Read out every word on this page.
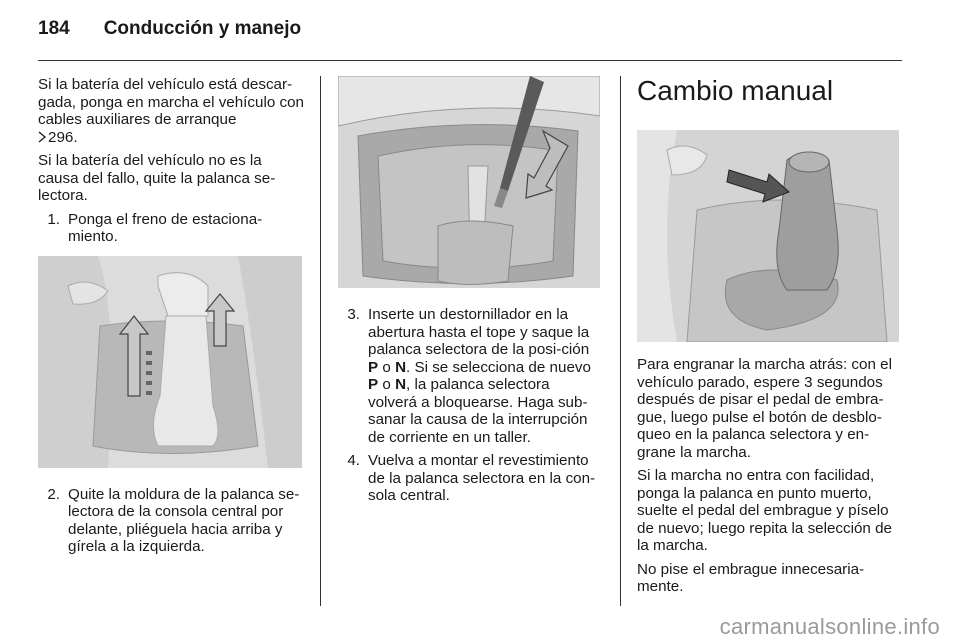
184 Conducción y manejo

Si la batería del vehículo está descar-gada, ponga en marcha el vehículo con cables auxiliares de arranque
296.

Si la batería del vehículo no es la causa del fallo, quite la palanca se-lectora.

1. Ponga el freno de estaciona-miento.
2. Quite la moldura de la palanca se-lectora de la consola central por delante, pliéguela hacia arriba y gírela a la izquierda.
3. Inserte un destornillador en la abertura hasta el tope y saque la palanca selectora de la posi-ción P o N. Si se selecciona de nuevo P o N, la palanca selectora volverá a bloquearse. Haga sub-sanar la causa de la interrupción de corriente en un taller.
4. Vuelva a montar el revestimiento de la palanca selectora en la con-sola central.
Cambio manual

Para engranar la marcha atrás: con el vehículo parado, espere 3 segundos después de pisar el pedal de embra-gue, luego pulse el botón de desblo-queo en la palanca selectora y en-grane la marcha.

Si la marcha no entra con facilidad, ponga la palanca en punto muerto, suelte el pedal del embrague y píselo de nuevo; luego repita la selección de la marcha.

No pise el embrague innecesaria-mente.

carmanualsonline.info
